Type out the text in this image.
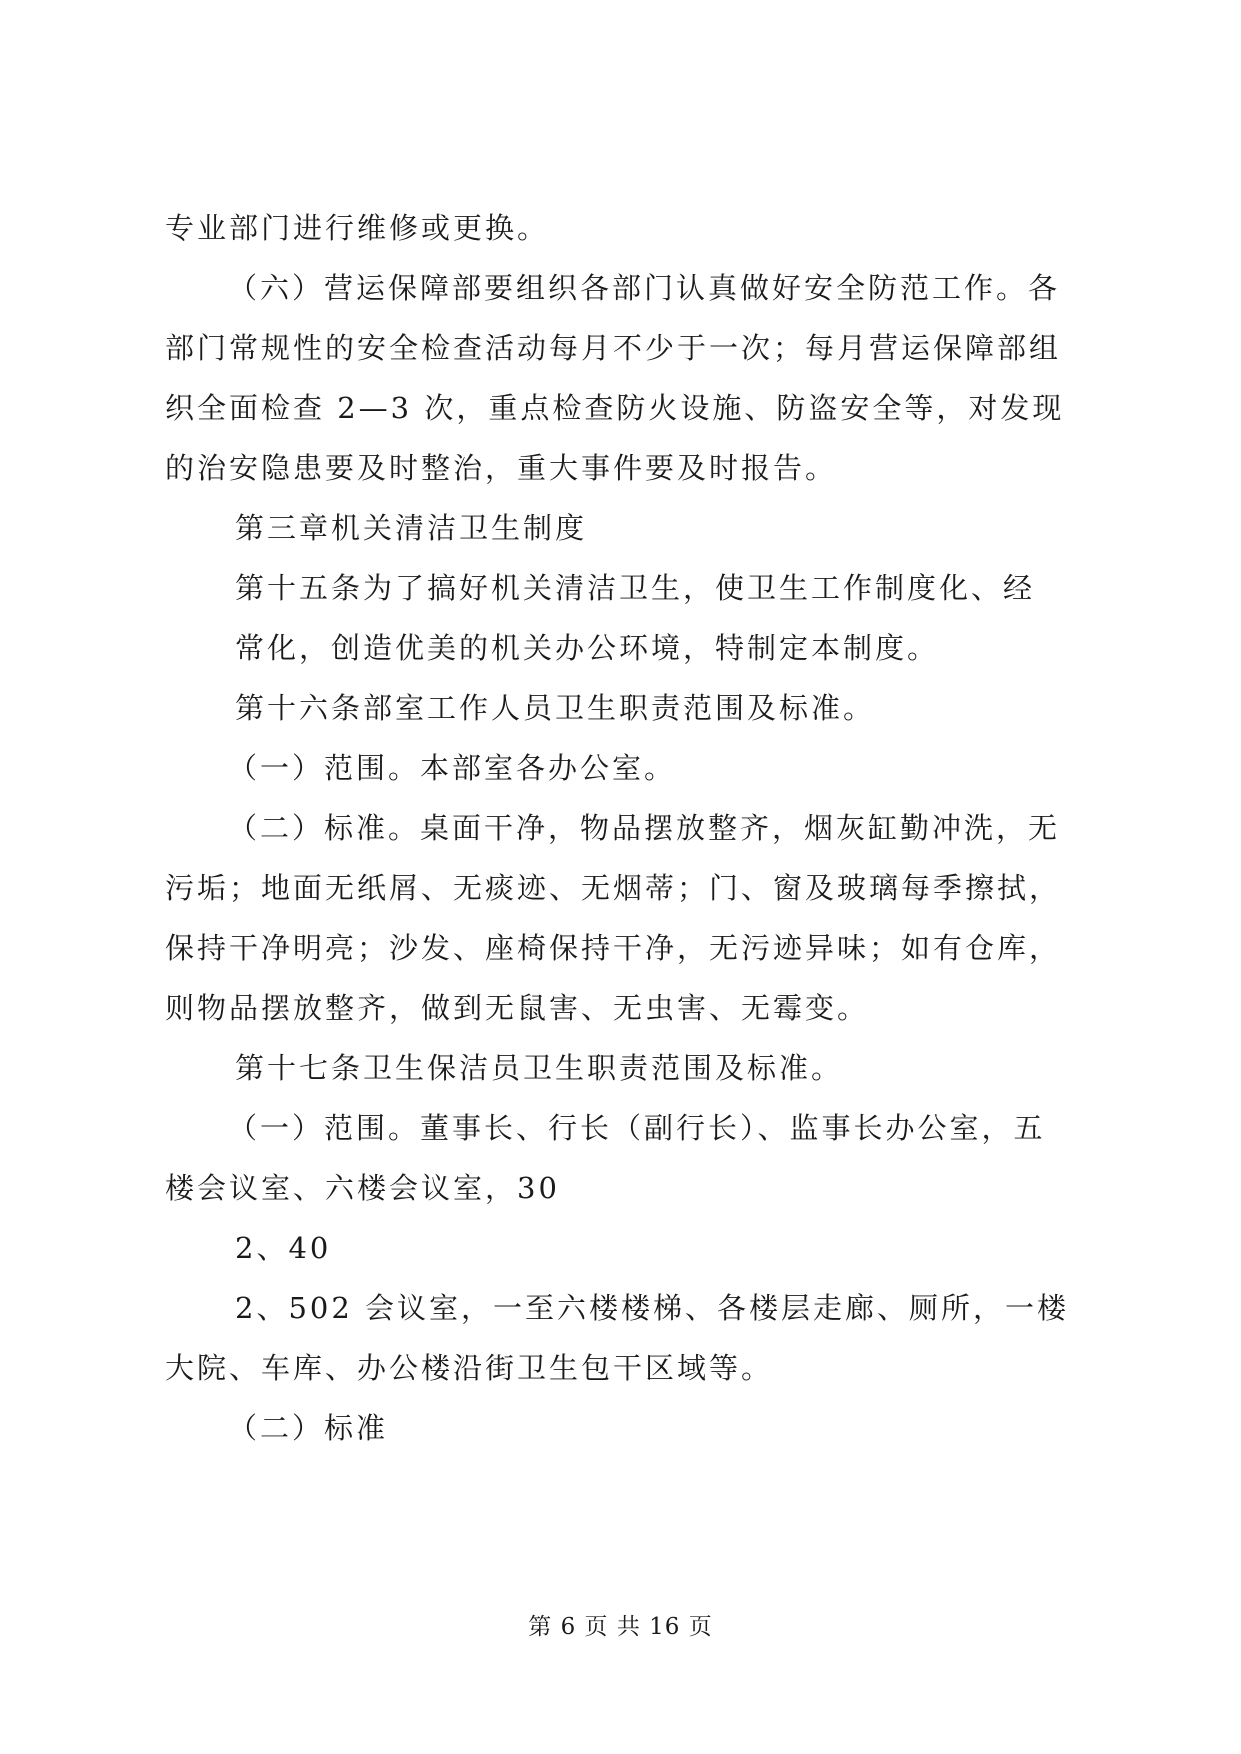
专业部门进行维修或更换。
（六）营运保障部要组织各部门认真做好安全防范工作。各
部门常规性的安全检查活动每月不少于一次；每月营运保障部组
织全面检查 2—3 次，重点检查防火设施、防盗安全等，对发现
的治安隐患要及时整治，重大事件要及时报告。
第三章机关清洁卫生制度
第十五条为了搞好机关清洁卫生，使卫生工作制度化、经
常化，创造优美的机关办公环境，特制定本制度。
第十六条部室工作人员卫生职责范围及标准。
（一）范围。本部室各办公室。
（二）标准。桌面干净，物品摆放整齐，烟灰缸勤冲洗，无
污垢；地面无纸屑、无痰迹、无烟蒂；门、窗及玻璃每季擦拭，
保持干净明亮；沙发、座椅保持干净，无污迹异味；如有仓库，
则物品摆放整齐，做到无鼠害、无虫害、无霉变。
第十七条卫生保洁员卫生职责范围及标准。
（一）范围。董事长、行长（副行长）、监事长办公室，五
楼会议室、六楼会议室，30
2、40
2、502 会议室，一至六楼楼梯、各楼层走廊、厕所，一楼
大院、车库、办公楼沿街卫生包干区域等。
（二）标准
第 6 页 共 16 页
